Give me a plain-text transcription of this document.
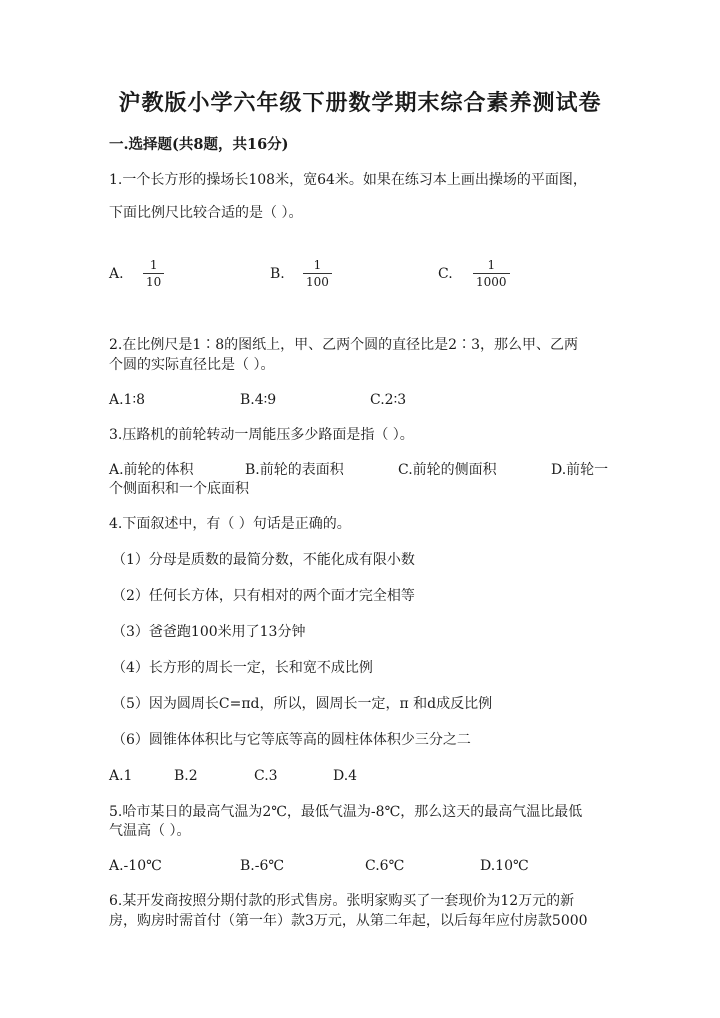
沪教版小学六年级下册数学期末综合素养测试卷
一.选择题(共8题，共16分)
1.一个长方形的操场长108米，宽64米。如果在练习本上画出操场的平面图，
下面比例尺比较合适的是（ ）。
A.
1
10	B.
1
100	C.
1
1000
2.在比例尺是1∶8的图纸上，甲、乙两个圆的直径比是2∶3，那么甲、乙两
个圆的实际直径比是（ ）。
A.1∶8	B.4∶9	C.2∶3
3.压路机的前轮转动一周能压多少路面是指（ ）。
A.前轮的体积	B.前轮的表面积	C.前轮的侧面积	D.前轮一
个侧面积和一个底面积
4.下面叙述中，有（ ）句话是正确的。
（1）分母是质数的最简分数，不能化成有限小数
（2）任何长方体，只有相对的两个面才完全相等
（3）爸爸跑100米用了13分钟
（4）长方形的周长一定，长和宽不成比例
（5）因为圆周长C=πd，所以，圆周长一定，π 和d成反比例
（6）圆锥体体积比与它等底等高的圆柱体体积少三分之二
A.1	B.2	C.3	D.4
5.哈市某日的最高气温为2℃，最低气温为-8℃，那么这天的最高气温比最低
气温高（ ）。
A.-10℃	B.-6℃	C.6℃	D.10℃
6.某开发商按照分期付款的形式售房。张明家购买了一套现价为12万元的新
房，购房时需首付（第一年）款3万元，从第二年起，以后每年应付房款5000
